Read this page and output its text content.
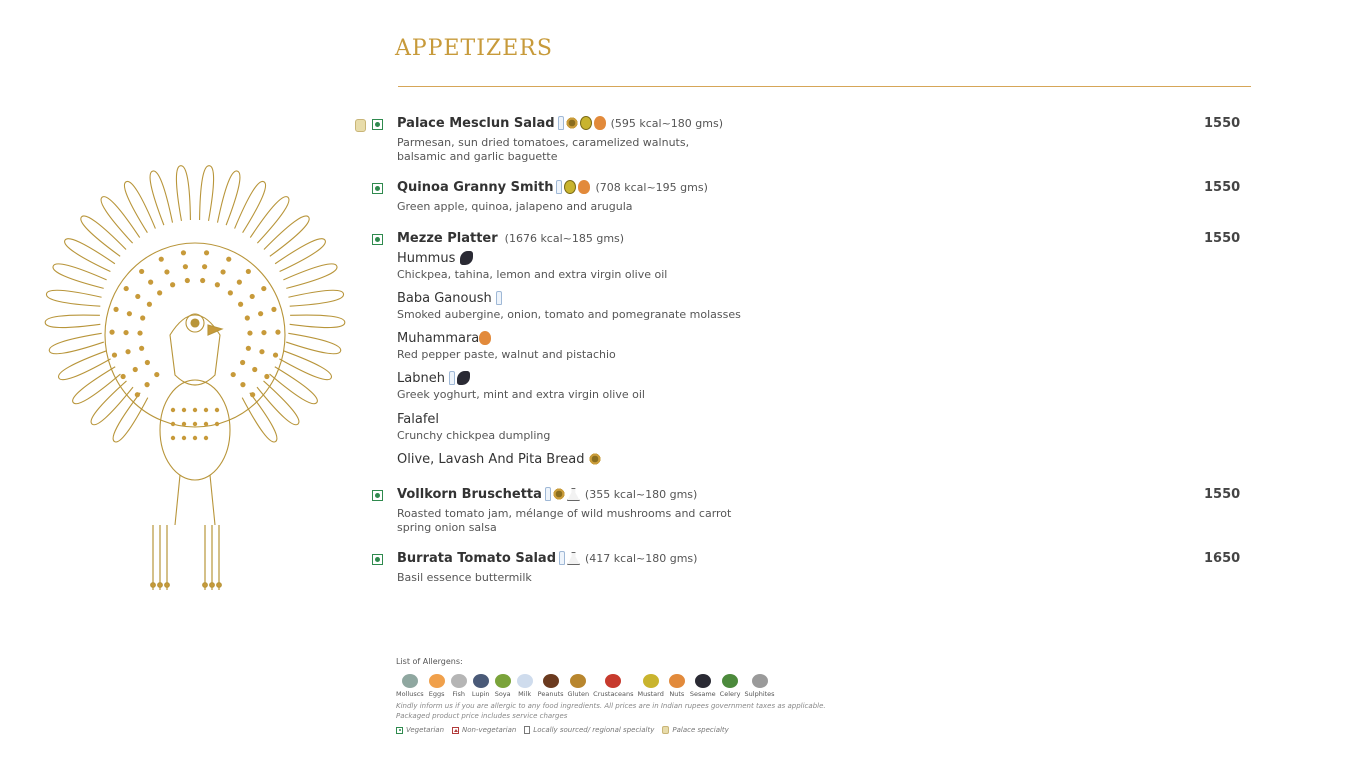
APPETIZERS
Palace Mesclun Salad	(595 kcal~180 gms)
Parmesan, sun dried tomatoes, caramelized walnuts, balsamic and garlic baguette
1550
Quinoa Granny Smith	(708 kcal~195 gms)
Green apple, quinoa, jalapeno and arugula
1550
Mezze Platter (1676 kcal~185 gms)	1550
Hummus
Chickpea, tahina, lemon and extra virgin olive oil
Baba Ganoush
Smoked aubergine, onion, tomato and pomegranate molasses
Muhammara
Red pepper paste, walnut and pistachio
Labneh
Greek yoghurt, mint and extra virgin olive oil
Falafel
Crunchy chickpea dumpling
Olive, Lavash And Pita Bread
Vollkorn Bruschetta	(355 kcal~180 gms)
Roasted tomato jam, mélange of wild mushrooms and carrot spring onion salsa
1550
Burrata Tomato Salad	(417 kcal~180 gms)
Basil essence buttermilk
1650
List of Allergens:
Molluscs Eggs Fish Lupin Soya Milk Peanuts Gluten Crustaceans Mustard Nuts Sesame Celery Sulphites
Kindly inform us if you are allergic to any food ingredients. All prices are in Indian rupees government taxes as applicable.
Packaged product price includes service charges
Vegetarian	Non-vegetarian Locally sourced/ regional specialty	Palace specialty
